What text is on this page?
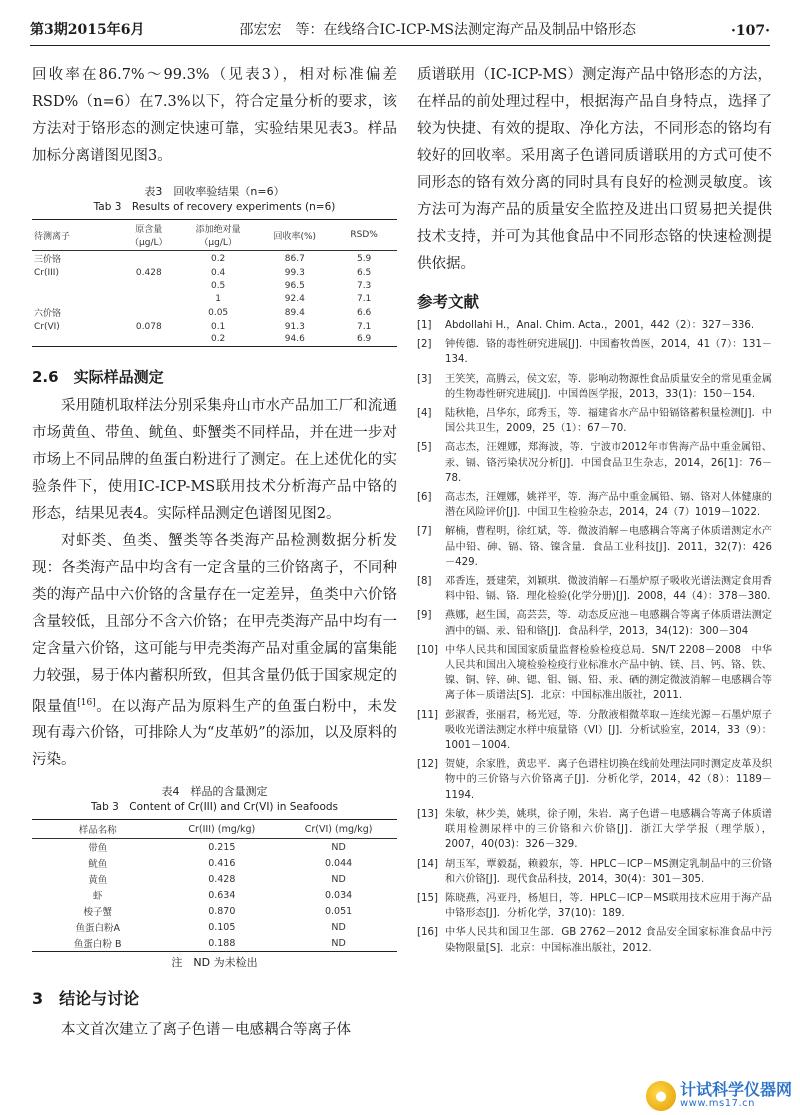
第3期2015年6月	邵宏宏　等：在线络合IC-ICP-MS法测定海产品及制品中铬形态	·107·

回收率在86.7%～99.3%（见表3），相对标准偏差RSD%（n=6）在7.3%以下，符合定量分析的要求，该方法对于铬形态的测定快速可靠，实验结果见表3。样品加标分离谱图见图3。

表3　回收率验结果（n=6）
Tab 3　Results of recovery experiments (n=6)
待测离子	原含量（μg/L）	添加绝对量（μg/L）	回收率(%)	RSD%
三价铬		0.2	86.7	5.9
Cr(III)	0.428	0.4	99.3	6.5
		0.5	96.5	7.3
		1	92.4	7.1
六价铬		0.05	89.4	6.6
Cr(VI)	0.078	0.1	91.3	7.1
		0.2	94.6	6.9
2.6　实际样品测定

采用随机取样法分别采集舟山市水产品加工厂和流通市场黄鱼、带鱼、鱿鱼、虾蟹类不同样品，并在进一步对市场上不同品牌的鱼蛋白粉进行了测定。在上述优化的实验条件下，使用IC-ICP-MS联用技术分析海产品中铬的形态，结果见表4。实际样品测定色谱图见图2。

对虾类、鱼类、蟹类等各类海产品检测数据分析发现：各类海产品中均含有一定含量的三价铬离子，不同种类的海产品中六价铬的含量存在一定差异，鱼类中六价铬含量较低，且部分不含六价铬；在甲壳类海产品中均有一定含量六价铬，这可能与甲壳类海产品对重金属的富集能力较强，易于体内蓄积所致，但其含量仍低于国家规定的限量值[16]。在以海产品为原料生产的鱼蛋白粉中，未发现有毒六价铬，可排除人为“皮革奶”的添加，以及原料的污染。

表4　样品的含量测定
Tab 3　Content of Cr(III) and Cr(VI) in Seafoods
样品名称	Cr(III) (mg/kg)	Cr(VI) (mg/kg)
带鱼	0.215	ND
鱿鱼	0.416	0.044
黄鱼	0.428	ND
虾	0.634	0.034
梭子蟹	0.870	0.051
鱼蛋白粉A	0.105	ND
鱼蛋白粉 B	0.188	ND
注　ND 为未检出
3　结论与讨论

本文首次建立了离子色谱－电感耦合等离子体

质谱联用（IC-ICP-MS）测定海产品中铬形态的方法，在样品的前处理过程中，根据海产品自身特点，选择了较为快捷、有效的提取、净化方法，不同形态的铬均有较好的回收率。采用离子色谱同质谱联用的方式可使不同形态的铬有效分离的同时具有良好的检测灵敏度。该方法可为海产品的质量安全监控及进出口贸易把关提供技术支持，并可为其他食品中不同形态铬的快速检测提供依据。

参考文献
[1]	Abdollahi H.，Anal. Chim. Acta.，2001，442（2）：327－336.
[2]	钟传德．铬的毒性研究进展[J]．中国畜牧兽医，2014，41（7）：131－134.
[3]	王笑笑，高腾云，侯文宏，等．影响动物源性食品质量安全的常见重金属的生物毒性研究进展[J]．中国兽医学报，2013，33(1)：150－154.
[4]	陆秋艳，吕华东，邱秀玉，等．福建省水产品中铅镉铬蓄积量检测[J]．中国公共卫生，2009，25（1）：67－70.
[5]	高志杰，汪娌娜，郑海波，等．宁波市2012年市售海产品中重金属铅、汞、镉、铬污染状况分析[J]．中国食品卫生杂志，2014，26[1]：76－78.
[6]	高志杰，汪娌娜，姚祥平，等．海产品中重金属铅、镉、铬对人体健康的潜在风险评价[J]．中国卫生检验杂志，2014，24（7）1019－1022.
[7]	解楠，曹程明，徐红斌，等．微波消解－电感耦合等离子体质谱测定水产品中铅、砷、镉、铬、镍含量．食品工业科技[J]．2011，32(7)：426－429.
[8]	邓香连，聂建荣，刘颖琪．微波消解－石墨炉原子吸收光谱法测定食用香料中铅、镉、铬．理化检验(化学分册)[J]．2008，44（4）：378－380.
[9]	燕娜，赵生国，高芸芸，等．动态反应池－电感耦合等离子体质谱法测定酒中的镉、汞、铅和铬[J]．食品科学，2013，34(12)：300－304
[10] 中华人民共和国国家质量监督检验检疫总局．SN/T 2208－2008　中华人民共和国出入境检验检疫行业标准水产品中钠、镁、吕、钙、铬、铁、镍、铜、锌、砷、锶、钼、镉、铅、汞、硒的测定微波消解－电感耦合等离子体－质谱法[S]．北京：中国标准出版社，2011.
[11] 彭淑香，张丽君，杨光冠，等．分散液相微萃取－连续光源－石墨炉原子吸收光谱法测定水样中痕量铬（VI）[J]．分析试验室，2014，33（9）：1001－1004.
[12] 贺婕，余家胜，黄忠平．离子色谱柱切换在线前处理法同时测定皮革及织物中的三价铬与六价铬离子[J]．分析化学，2014，42（8）：1189－1194.
[13] 朱敏，林少美，姚琪，徐子刚，朱岩．离子色谱－电感耦合等离子体质谱联用检测尿样中的三价铬和六价铬[J]．浙江大学学报（理学版），2007，40(03)：326－329.
[14] 胡玉军，覃毅磊，赖毅东，等．HPLC－ICP－MS测定乳制品中的三价铬和六价铬[J]．现代食品科技，2014，30(4)：301－305.
[15] 陈晓燕，冯亚丹，杨旭日，等．HPLC－ICP－MS联用技术应用于海产品中铬形态[J]．分析化学，37(10)：189.
[16] 中华人民共和国卫生部．GB 2762－2012 食品安全国家标准食品中污染物限量[S]．北京：中国标准出版社，2012.
● 计试科学仪器网
www.ms17.cn
